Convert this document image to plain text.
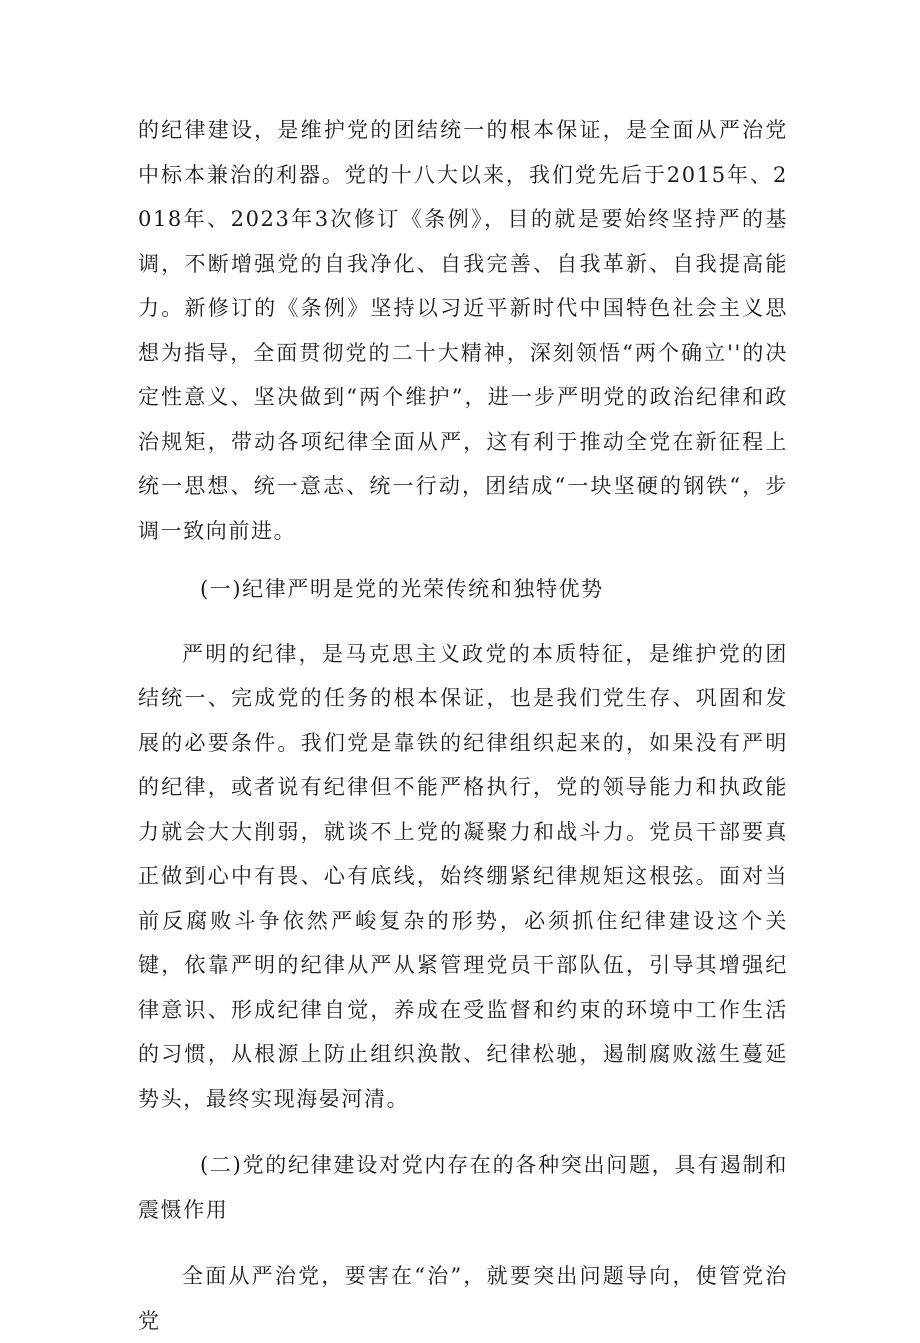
的纪律建设，是维护党的团结统一的根本保证，是全面从严治党中标本兼治的利器。党的十八大以来，我们党先后于2015年、2018年、2023年3次修订《条例》，目的就是要始终坚持严的基调，不断增强党的自我净化、自我完善、自我革新、自我提高能力。新修订的《条例》坚持以习近平新时代中国特色社会主义思想为指导，全面贯彻党的二十大精神，深刻领悟“两个确立''的决定性意义、坚决做到“两个维护”，进一步严明党的政治纪律和政治规矩，带动各项纪律全面从严，这有利于推动全党在新征程上统一思想、统一意志、统一行动，团结成“一块坚硬的钢铁“，步调一致向前进。

(一)纪律严明是党的光荣传统和独特优势

严明的纪律，是马克思主义政党的本质特征，是维护党的团结统一、完成党的任务的根本保证，也是我们党生存、巩固和发展的必要条件。我们党是靠铁的纪律组织起来的，如果没有严明的纪律，或者说有纪律但不能严格执行，党的领导能力和执政能力就会大大削弱，就谈不上党的凝聚力和战斗力。党员干部要真正做到心中有畏、心有底线，始终绷紧纪律规矩这根弦。面对当前反腐败斗争依然严峻复杂的形势，必须抓住纪律建设这个关键，依靠严明的纪律从严从紧管理党员干部队伍，引导其增强纪律意识、形成纪律自觉，养成在受监督和约束的环境中工作生活的习惯，从根源上防止组织涣散、纪律松驰，遏制腐败滋生蔓延势头，最终实现海晏河清。

(二)党的纪律建设对党内存在的各种突出问题，具有遏制和震慑作用

全面从严治党，要害在“治”，就要突出问题导向，使管党治党
